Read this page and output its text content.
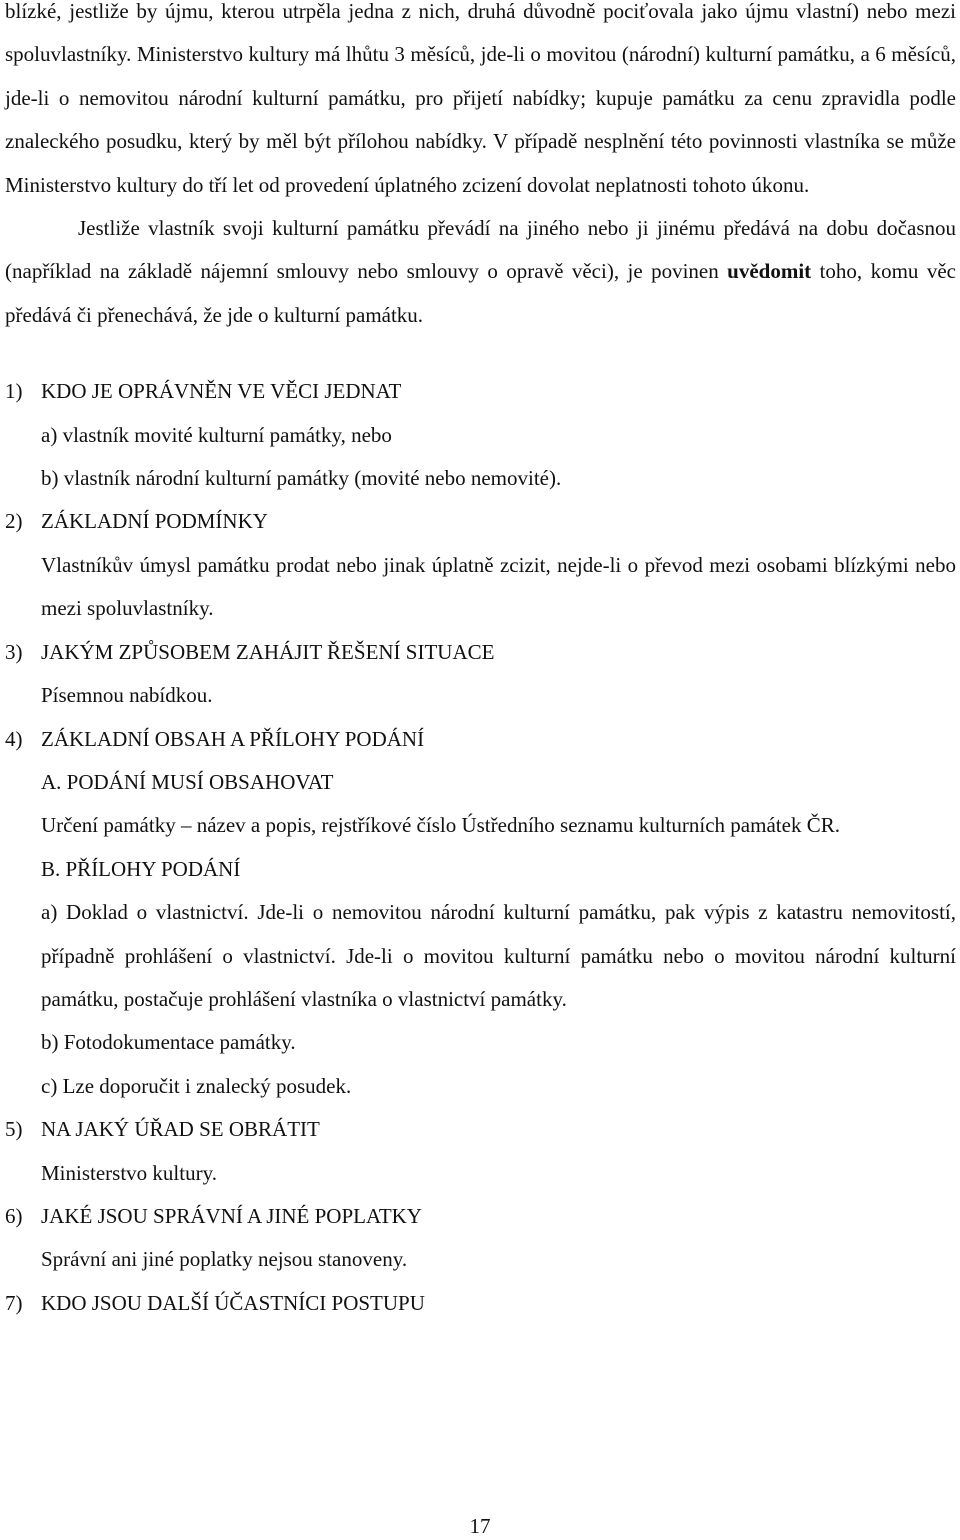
blízké, jestliže by újmu, kterou utrpěla jedna z nich, druhá důvodně pociťovala jako újmu vlastní) nebo mezi spoluvlastníky. Ministerstvo kultury má lhůtu 3 měsíců, jde-li o movitou (národní) kulturní památku, a 6 měsíců, jde-li o nemovitou národní kulturní památku, pro přijetí nabídky; kupuje památku za cenu zpravidla podle znaleckého posudku, který by měl být přílohou nabídky. V případě nesplnění této povinnosti vlastníka se může Ministerstvo kultury do tří let od provedení úplatného zcizení dovolat neplatnosti tohoto úkonu.

Jestliže vlastník svoji kulturní památku převádí na jiného nebo ji jinému předává na dobu dočasnou (například na základě nájemní smlouvy nebo smlouvy o opravě věci), je povinen uvědomit toho, komu věc předává či přenechává, že jde o kulturní památku.

1) KDO JE OPRÁVNĚN VE VĚCI JEDNAT

a) vlastník movité kulturní památky, nebo

b) vlastník národní kulturní památky (movité nebo nemovité).

2) ZÁKLADNÍ PODMÍNKY

Vlastníkův úmysl památku prodat nebo jinak úplatně zcizit, nejde-li o převod mezi osobami blízkými nebo mezi spoluvlastníky.

3) JAKÝM ZPŮSOBEM ZAHÁJIT ŘEŠENÍ SITUACE

Písemnou nabídkou.

4) ZÁKLADNÍ OBSAH A PŘÍLOHY PODÁNÍ

A. PODÁNÍ MUSÍ OBSAHOVAT

Určení památky – název a popis, rejstříkové číslo Ústředního seznamu kulturních památek ČR.

B. PŘÍLOHY PODÁNÍ

a) Doklad o vlastnictví. Jde-li o nemovitou národní kulturní památku, pak výpis z katastru nemovitostí, případně prohlášení o vlastnictví. Jde-li o movitou kulturní památku nebo o movitou národní kulturní památku, postačuje prohlášení vlastníka o vlastnictví památky.

b) Fotodokumentace památky.

c) Lze doporučit i znalecký posudek.

5) NA JAKÝ ÚŘAD SE OBRÁTIT

Ministerstvo kultury.

6) JAKÉ JSOU SPRÁVNÍ A JINÉ POPLATKY

Správní ani jiné poplatky nejsou stanoveny.

7) KDO JSOU DALŠÍ ÚČASTNÍCI POSTUPU

17
